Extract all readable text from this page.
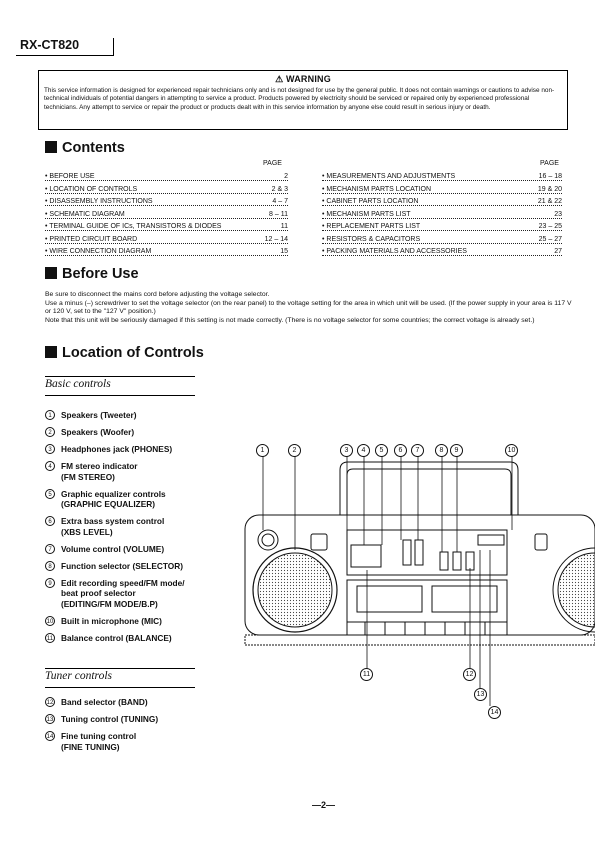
RX-CT820
⚠ WARNING
This service information is designed for experienced repair technicians only and is not designed for use by the general public. It does not contain warnings or cautions to advise non-technical individuals of potential dangers in attempting to service a product. Products powered by electricity should be serviced or repaired only by experienced professional technicians. Any attempt to service or repair the product or products dealt with in this service information by anyone else could result in serious injury or death.
Contents
PAGE	PAGE
• BEFORE USE	2
• LOCATION OF CONTROLS	2 & 3
• DISASSEMBLY INSTRUCTIONS	4 – 7
• SCHEMATIC DIAGRAM	8 – 11
• TERMINAL GUIDE OF ICs, TRANSISTORS & DIODES	11
• PRINTED CIRCUIT BOARD	12 – 14
• WIRE CONNECTION DIAGRAM	15
• MEASUREMENTS AND ADJUSTMENTS	16 – 18
• MECHANISM PARTS LOCATION	19 & 20
• CABINET PARTS LOCATION	21 & 22
• MECHANISM PARTS LIST	23
• REPLACEMENT PARTS LIST	23 – 25
• RESISTORS & CAPACITORS	25 – 27
• PACKING MATERIALS AND ACCESSORIES	27
Before Use
Be sure to disconnect the mains cord before adjusting the voltage selector.
Use a minus (–) screwdriver to set the voltage selector (on the rear panel) to the voltage setting for the area in which unit will be used. (If the power supply in your area is 117 V or 120 V, set to the "127 V" position.)
Note that this unit will be seriously damaged if this setting is not made correctly. (There is no voltage selector for some countries; the correct voltage is already set.)
Location of Controls
Basic controls
1	Speakers (Tweeter)
2	Speakers (Woofer)
3	Headphones jack (PHONES)
4	FM stereo indicator
(FM STEREO)
5	Graphic equalizer controls
(GRAPHIC EQUALIZER)
6	Extra bass system control
(XBS LEVEL)
7	Volume control (VOLUME)
8	Function selector (SELECTOR)
9	Edit recording speed/FM mode/
beat proof selector
(EDITING/FM MODE/B.P)
10 Built in microphone (MIC)
11 Balance control (BALANCE)
Tuner controls
12 Band selector (BAND)
13 Tuning control (TUNING)
14 Fine tuning control
(FINE TUNING)
1	2	3	4	5	6	7	8	9	10
11	12
13
14
—2—
